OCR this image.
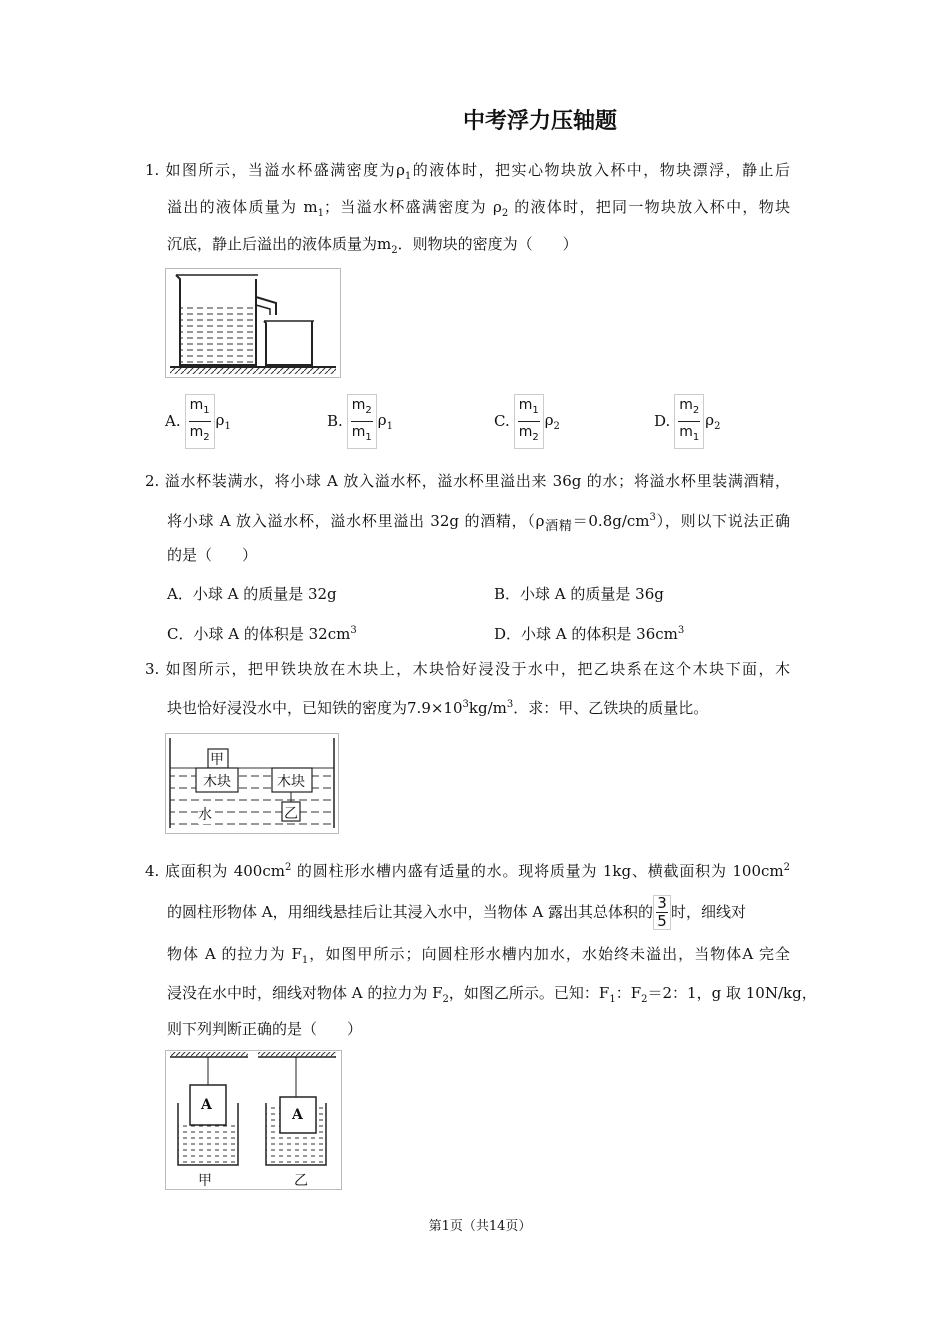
中考浮力压轴题
1. 如图所示，当溢水杯盛满密度为$\rho_1$的液体时，把实心物块放入杯中，物块漂浮，静止后
溢出的液体质量为 $m_1$；当溢水杯盛满密度为 $\rho_2$ 的液体时，把同一物块放入杯中，物块
沉底，静止后溢出的液体质量为$m_2$．则物块的密度为（　　）
A. $\frac{m_1}{m_2} \rho_1$	B. $\frac{m_2}{m_1} \rho_1$	C. $\frac{m_1}{m_2} \rho_2$	D. $\frac{m_2}{m_1} \rho_2$
2. 溢水杯装满水，将小球 A 放入溢水杯，溢水杯里溢出来 36g 的水；将溢水杯里装满酒精，
将小球 A 放入溢水杯，溢水杯里溢出 32g 的酒精，$(\rho_{酒精}=0.8g/cm^3)$，则以下说法正确
的是（　　）
A．小球 A 的质量是 32g	B．小球 A 的质量是 36g
C．小球 A 的体积是 $32cm^3$	D．小球 A 的体积是 $36cm^3$
3. 如图所示，把甲铁块放在木块上，木块恰好浸没于水中，把乙块系在这个木块下面，木
块也恰好浸没水中，已知铁的密度为$7.9\times 10^3kg/m^3$．求：甲、乙铁块的质量比。
甲
木块	木块
水	乙
4. 底面积为 $400cm^2$ 的圆柱形水槽内盛有适量的水。现将质量为 1kg、横截面积为 $100cm^2$
的圆柱形物体 A，用细线悬挂后让其浸入水中，当物体 A 露出其总体积的 $\frac{3}{5}$ 时，细线对
物体 A 的拉力为 $F_1$，如图甲所示；向圆柱形水槽内加水，水始终未溢出，当物体A 完全
浸没在水中时，细线对物体 A 的拉力为 $F_2$，如图乙所示。已知：$F_1$：$F_2=2$：1，g 取 10N/kg，
则下列判断正确的是（　　）
A
A
甲	乙
第1页（共14页）
